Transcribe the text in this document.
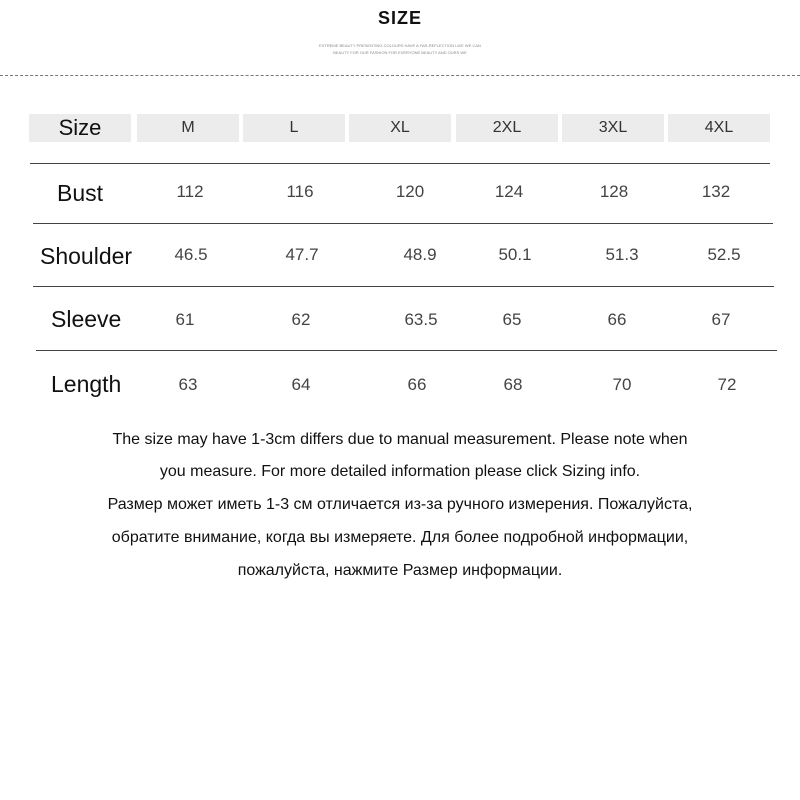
SIZE
EXTREME BEAUTY PRESENTING COLOURS HAVE A FAR-REFLECTION LIKE WE CAN
BEAUTY FOR OUR FASHION FOR EVERYONE BEAUTY AND OURS WE
Size	M	L	XL	2XL	3XL	4XL
Bust	112	116	120	124	128	132
Shoulder 46.5	47.7	48.9	50.1	51.3	52.5
Sleeve	61	62	63.5	65	66	67
Length	63	64	66	68	70	72
The size may have 1-3cm differs due to manual measurement. Please note when
you measure. For more detailed information please click Sizing info.
Размер может иметь 1-3 см отличается из-за ручного измерения. Пожалуйста,
обратите внимание, когда вы измеряете. Для более подробной информации,
пожалуйста, нажмите Размер информации.
